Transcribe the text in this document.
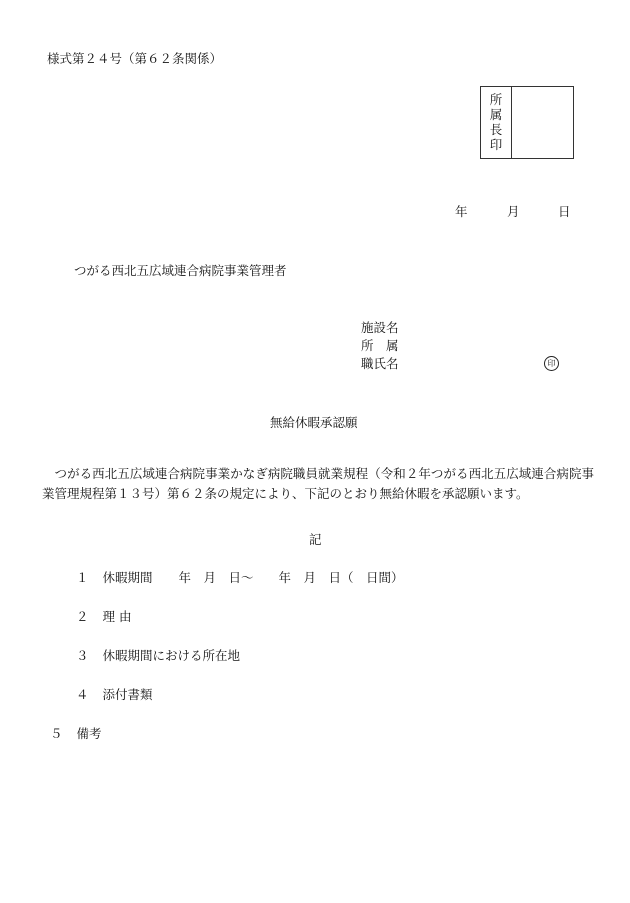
様式第２４号（第６２条関係）
所
属
長
印
年	月	日
つがる西北五広域連合病院事業管理者
施設名
所　属
職氏名	印
無給休暇承認願
　つがる西北五広域連合病院事業かなぎ病院職員就業規程（令和２年つがる西北五広域連合病院事業管理規程第１３号）第６２条の規定により、下記のとおり無給休暇を承認願います。
記
１ 休暇期間 年　月　日～　　年　月　日（　日間）
２ 理 由
３ 休暇期間における所在地
４ 添付書類
５ 備考
